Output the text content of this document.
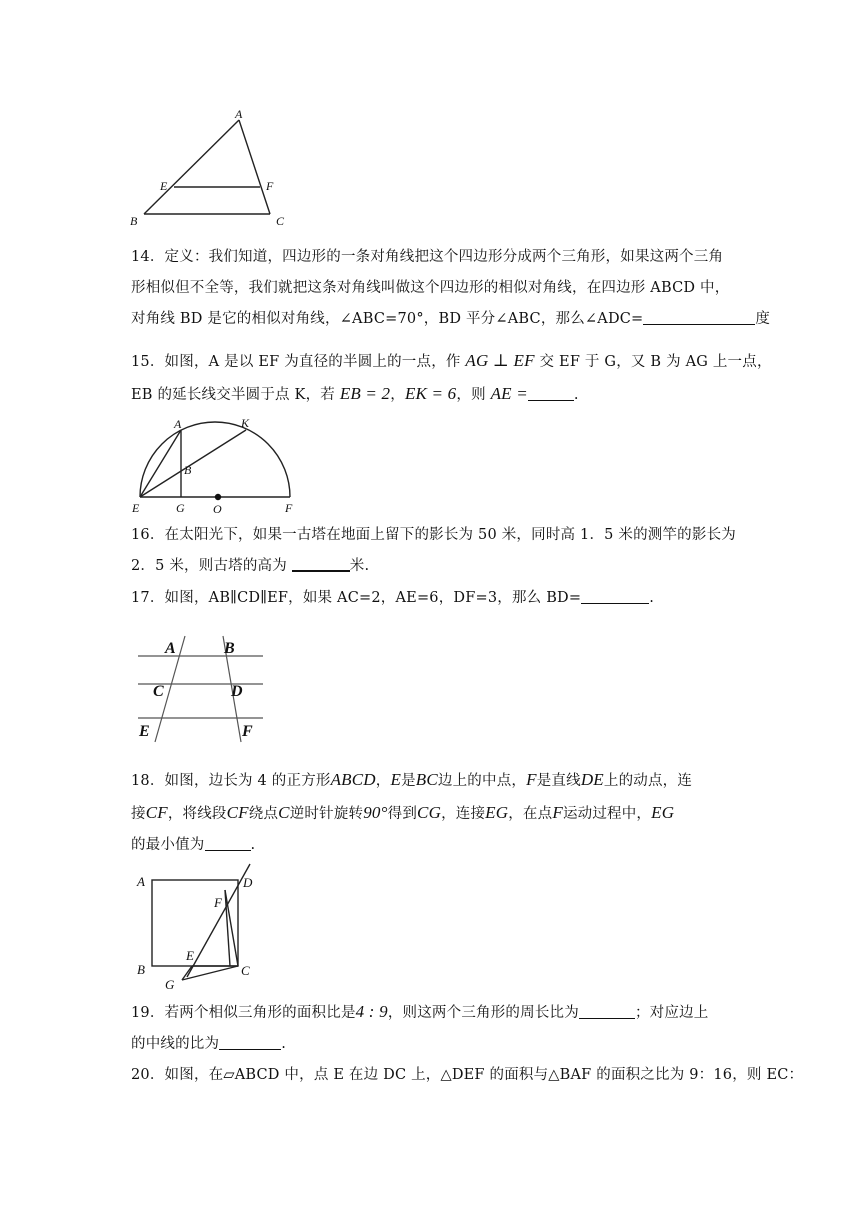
A
E	F
B	C
14．定义：我们知道，四边形的一条对角线把这个四边形分成两个三角形，如果这两个三角
形相似但不全等，我们就把这条对角线叫做这个四边形的相似对角线，在四边形 ABCD 中，
对角线 BD 是它的相似对角线，∠ABC=70°，BD 平分∠ABC，那么∠ADC=	度
15．如图，A 是以 EF 为直径的半圆上的一点，作 AG ⊥ EF 交 EF 于 G，又 B 为 AG 上一点，
EB 的延长线交半圆于点 K，若 EB = 2，EK = 6，则 AE =	.
A	K
B
E	G O	F
16．在太阳光下，如果一古塔在地面上留下的影长为 50 米，同时高 1．5 米的测竿的影长为
2．5 米，则古塔的高为	米.
17．如图，AB∥CD∥EF，如果 AC=2，AE=6，DF=3，那么 BD=	.
A	B
C	D
E	F
18．如图，边长为 4 的正方形ABCD，E是BC边上的中点，F是直线DE上的动点，连
接CF，将线段CF绕点C逆时针旋转90°得到CG，连接EG，在点F运动过程中，EG
的最小值为	.
A	D
F
E
B	C
G
19．若两个相似三角形的面积比是4 : 9，则这两个三角形的周长比为	；对应边上
的中线的比为	.
20．如图，在▱ABCD 中，点 E 在边 DC 上，△DEF 的面积与△BAF 的面积之比为 9：16，则 EC：
